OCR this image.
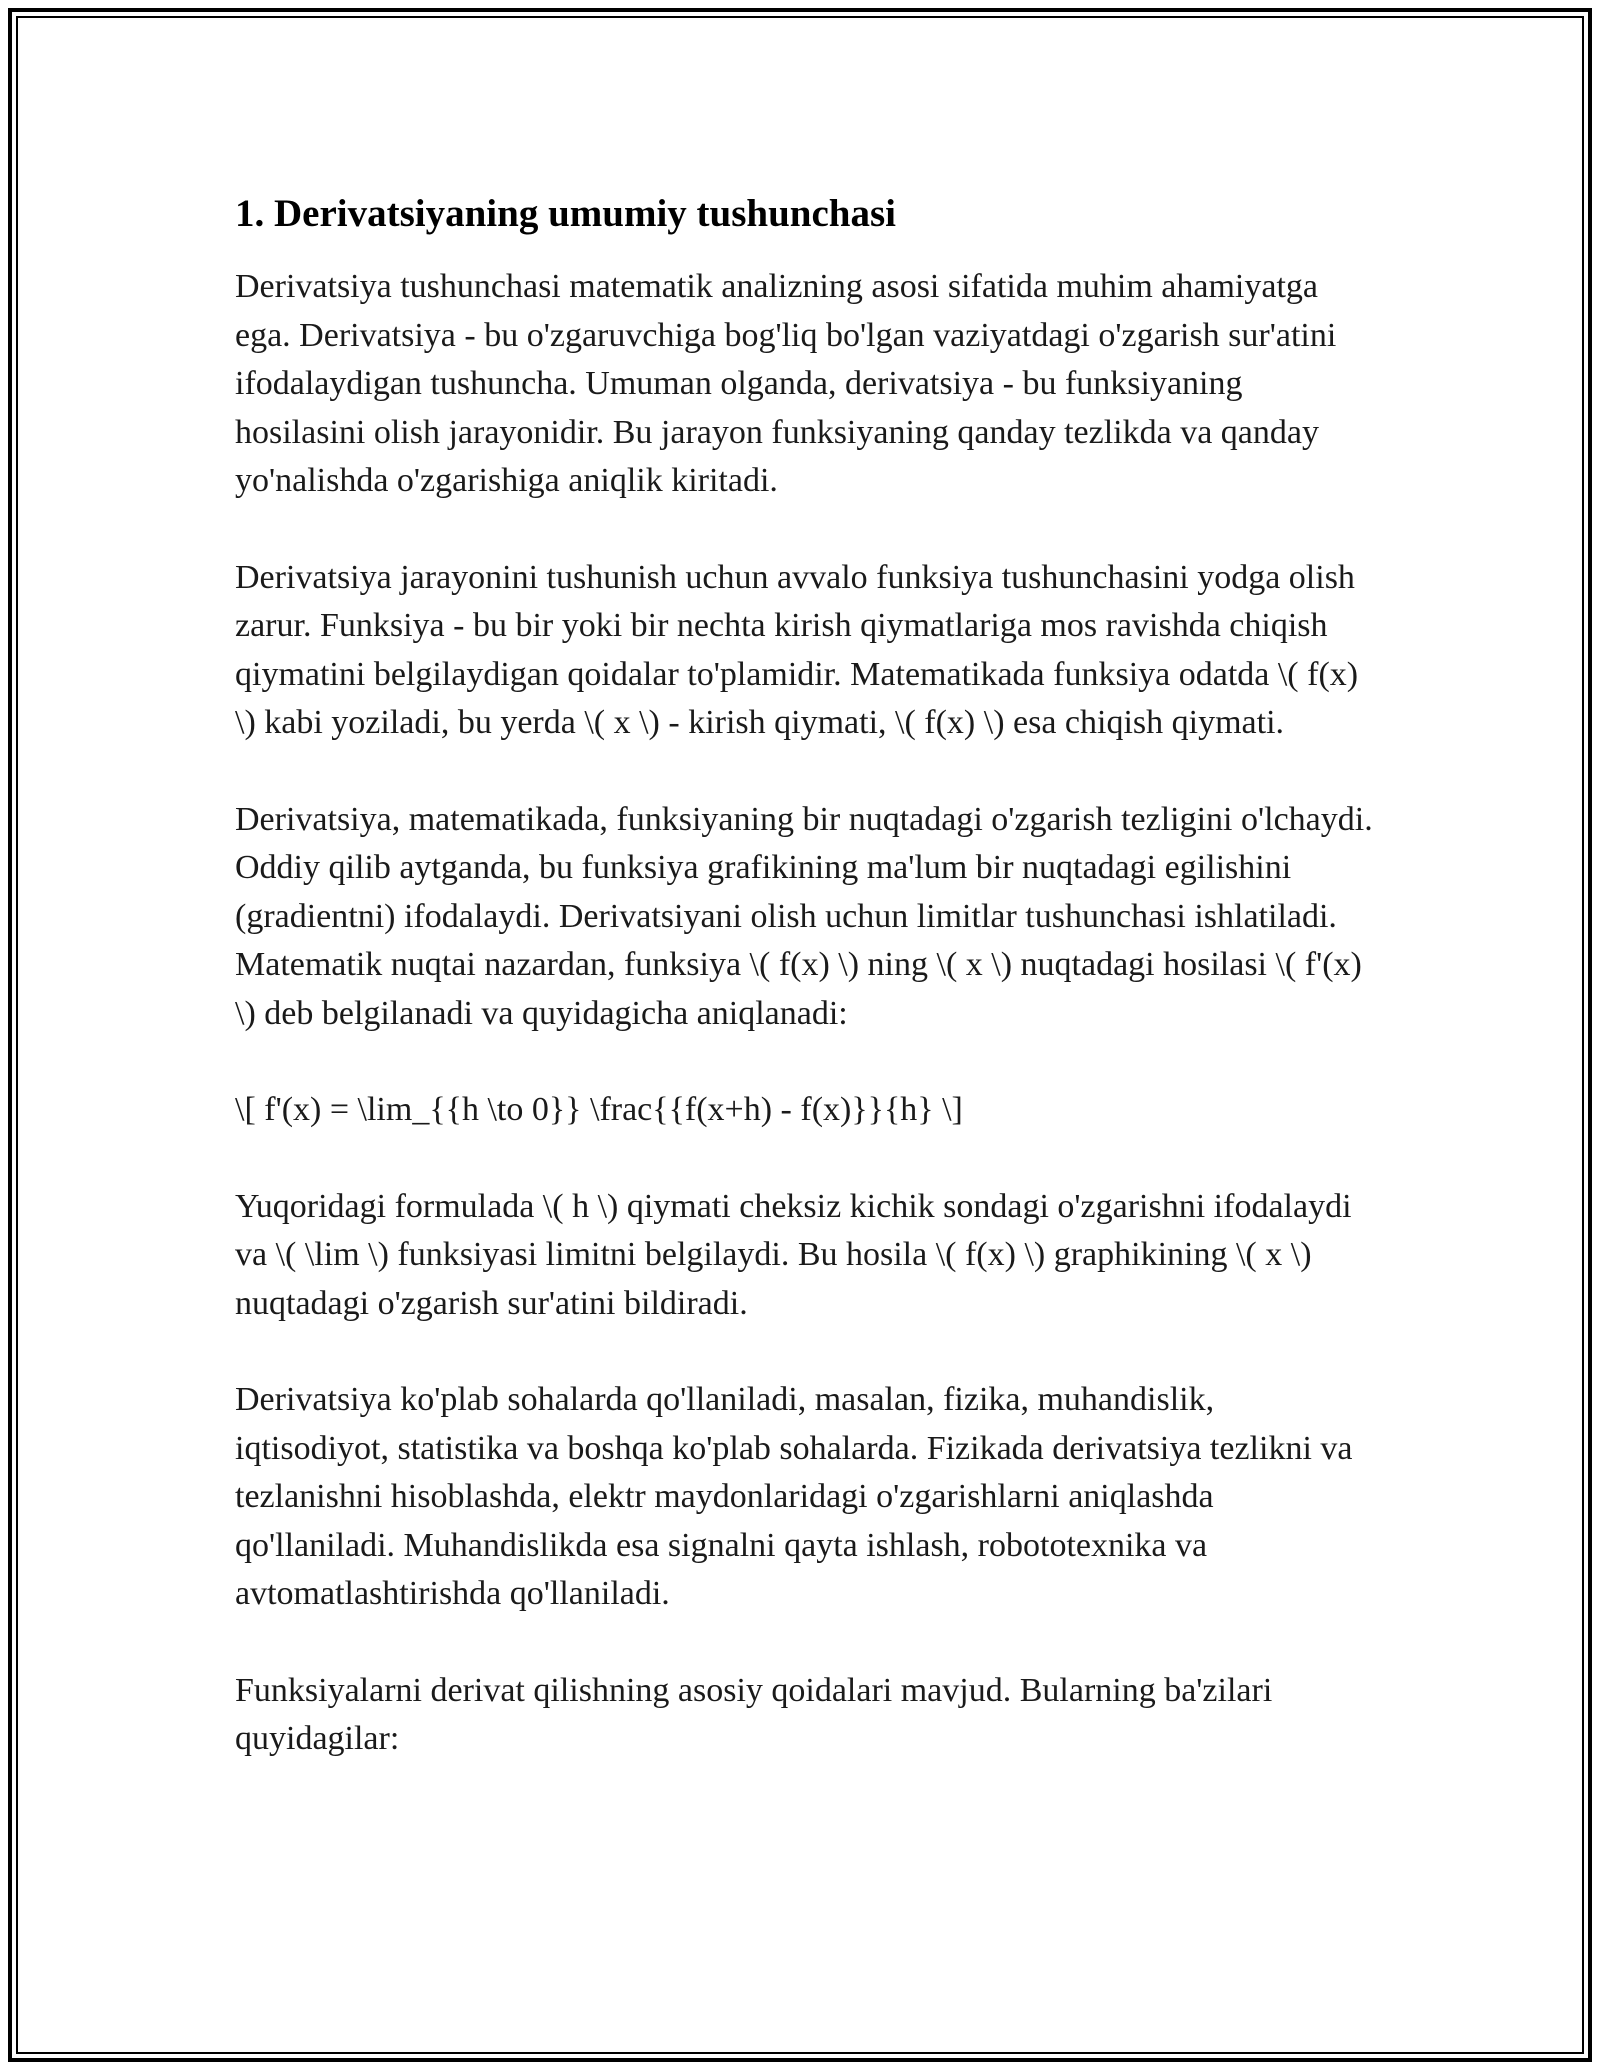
1. Derivatsiyaning umumiy tushunchasi

Derivatsiya tushunchasi matematik analizning asosi sifatida muhim ahamiyatga ega. Derivatsiya - bu o'zgaruvchiga bog'liq bo'lgan vaziyatdagi o'zgarish sur'atini ifodalaydigan tushuncha. Umuman olganda, derivatsiya - bu funksiyaning hosilasini olish jarayonidir. Bu jarayon funksiyaning qanday tezlikda va qanday yo'nalishda o'zgarishiga aniqlik kiritadi.

Derivatsiya jarayonini tushunish uchun avvalo funksiya tushunchasini yodga olish zarur. Funksiya - bu bir yoki bir nechta kirish qiymatlariga mos ravishda chiqish qiymatini belgilaydigan qoidalar to'plamidir. Matematikada funksiya odatda \( f(x) \) kabi yoziladi, bu yerda \( x \) - kirish qiymati, \( f(x) \) esa chiqish qiymati.

Derivatsiya, matematikada, funksiyaning bir nuqtadagi o'zgarish tezligini o'lchaydi. Oddiy qilib aytganda, bu funksiya grafikining ma'lum bir nuqtadagi egilishini (gradientni) ifodalaydi. Derivatsiyani olish uchun limitlar tushunchasi ishlatiladi. Matematik nuqtai nazardan, funksiya \( f(x) \) ning \( x \) nuqtadagi hosilasi \( f'(x) \) deb belgilanadi va quyidagicha aniqlanadi:

\[ f'(x) = \lim_{{h \to 0}} \frac{{f(x+h) - f(x)}}{h} \]

Yuqoridagi formulada \( h \) qiymati cheksiz kichik sondagi o'zgarishni ifodalaydi va \( \lim \) funksiyasi limitni belgilaydi. Bu hosila \( f(x) \) graphikining \( x \) nuqtadagi o'zgarish sur'atini bildiradi.

Derivatsiya ko'plab sohalarda qo'llaniladi, masalan, fizika, muhandislik, iqtisodiyot, statistika va boshqa ko'plab sohalarda. Fizikada derivatsiya tezlikni va tezlanishni hisoblashda, elektr maydonlaridagi o'zgarishlarni aniqlashda qo'llaniladi. Muhandislikda esa signalni qayta ishlash, robototexnika va avtomatlashtirishda qo'llaniladi.

Funksiyalarni derivat qilishning asosiy qoidalari mavjud. Bularning ba'zilari quyidagilar:
